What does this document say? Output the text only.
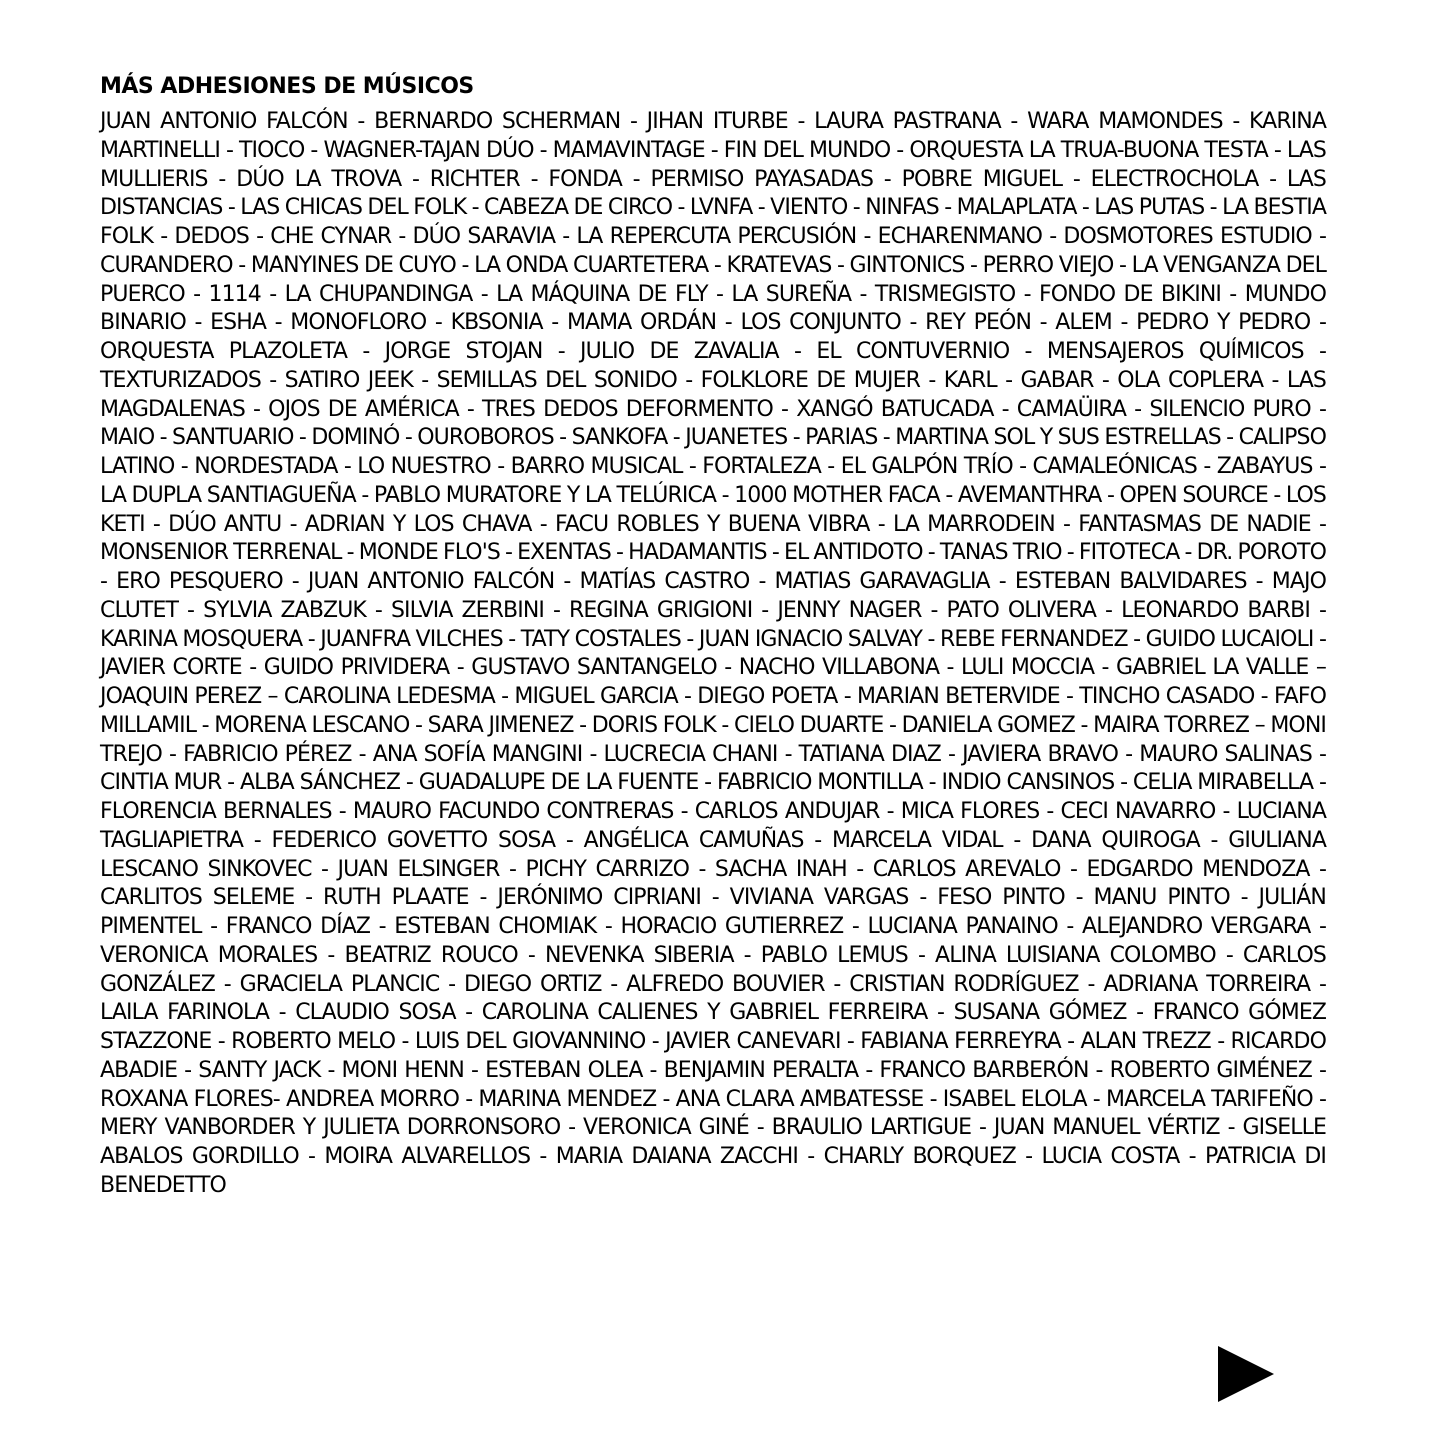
MÁS ADHESIONES DE MÚSICOS

JUAN ANTONIO FALCÓN - BERNARDO SCHERMAN - JIHAN ITURBE - LAURA PASTRANA - WARA MAMONDES - KARINA MARTINELLI - TIOCO - WAGNER-TAJAN DÚO - MAMAVINTAGE - FIN DEL MUNDO - ORQUESTA LA TRUA-BUONA TESTA - LAS MULLIERIS - DÚO LA TROVA - RICHTER - FONDA - PERMISO PAYASADAS - POBRE MIGUEL - ELECTROCHOLA - LAS DISTANCIAS - LAS CHICAS DEL FOLK - CABEZA DE CIRCO - LVNFA - VIENTO - NINFAS - MALAPLATA - LAS PUTAS - LA BESTIA FOLK - DEDOS - CHE CYNAR - DÚO SARAVIA - LA REPERCUTA PERCUSIÓN - ECHARENMANO - DOSMOTORES ESTUDIO - CURANDERO - MANYINES DE CUYO - LA ONDA CUARTETERA - KRATEVAS - GINTONICS - PERRO VIEJO - LA VENGANZA DEL PUERCO - 1114 - LA CHUPANDINGA - LA MÁQUINA DE FLY - LA SUREÑA - TRISMEGISTO - FONDO DE BIKINI - MUNDO BINARIO - ESHA - MONOFLORO - KBSONIA - MAMA ORDÁN - LOS CONJUNTO - REY PEÓN - ALEM - PEDRO Y PEDRO - ORQUESTA PLAZOLETA - JORGE STOJAN - JULIO DE ZAVALIA - EL CONTUVERNIO - MENSAJEROS QUÍMICOS - TEXTURIZADOS - SATIRO JEEK - SEMILLAS DEL SONIDO - FOLKLORE DE MUJER - KARL - GABAR - OLA COPLERA - LAS MAGDALENAS - OJOS DE AMÉRICA - TRES DEDOS DEFORMENTO - XANGÓ BATUCADA - CAMAÜIRA - SILENCIO PURO - MAIO - SANTUARIO - DOMINÓ - OUROBOROS - SANKOFA - JUANETES - PARIAS - MARTINA SOL Y SUS ESTRELLAS - CALIPSO LATINO - NORDESTADA - LO NUESTRO - BARRO MUSICAL - FORTALEZA - EL GALPÓN TRÍO - CAMALEÓNICAS - ZABAYUS - LA DUPLA SANTIAGUEÑA - PABLO MURATORE Y LA TELÚRICA - 1000 MOTHER FACA - AVEMANTHRA - OPEN SOURCE - LOS KETI - DÚO ANTU - ADRIAN Y LOS CHAVA - FACU ROBLES Y BUENA VIBRA - LA MARRODEIN - FANTASMAS DE NADIE - MONSENIOR TERRENAL - MONDE FLO'S - EXENTAS - HADAMANTIS - EL ANTIDOTO - TANAS TRIO - FITOTECA - DR. POROTO - ERO PESQUERO - JUAN ANTONIO FALCÓN - MATÍAS CASTRO - MATIAS GARAVAGLIA - ESTEBAN BALVIDARES - MAJO CLUTET - SYLVIA ZABZUK - SILVIA ZERBINI - REGINA GRIGIONI - JENNY NAGER - PATO OLIVERA - LEONARDO BARBI - KARINA MOSQUERA - JUANFRA VILCHES - TATY COSTALES - JUAN IGNACIO SALVAY - REBE FERNANDEZ - GUIDO LUCAIOLI - JAVIER CORTE - GUIDO PRIVIDERA - GUSTAVO SANTANGELO - NACHO VILLABONA - LULI MOCCIA - GABRIEL LA VALLE – JOAQUIN PEREZ – CAROLINA LEDESMA - MIGUEL GARCIA - DIEGO POETA - MARIAN BETERVIDE - TINCHO CASADO - FAFO MILLAMIL - MORENA LESCANO - SARA JIMENEZ - DORIS FOLK - CIELO DUARTE - DANIELA GOMEZ - MAIRA TORREZ – MONI TREJO - FABRICIO PÉREZ - ANA SOFÍA MANGINI - LUCRECIA CHANI - TATIANA DIAZ - JAVIERA BRAVO - MAURO SALINAS - CINTIA MUR - ALBA SÁNCHEZ - GUADALUPE DE LA FUENTE - FABRICIO MONTILLA - INDIO CANSINOS - CELIA MIRABELLA - FLORENCIA BERNALES - MAURO FACUNDO CONTRERAS - CARLOS ANDUJAR - MICA FLORES - CECI NAVARRO - LUCIANA TAGLIAPIETRA - FEDERICO GOVETTO SOSA - ANGÉLICA CAMUÑAS - MARCELA VIDAL - DANA QUIROGA - GIULIANA LESCANO SINKOVEC - JUAN ELSINGER - PICHY CARRIZO - SACHA INAH - CARLOS AREVALO - EDGARDO MENDOZA - CARLITOS SELEME - RUTH PLAATE - JERÓNIMO CIPRIANI - VIVIANA VARGAS - FESO PINTO - MANU PINTO - JULIÁN PIMENTEL - FRANCO DÍAZ - ESTEBAN CHOMIAK - HORACIO GUTIERREZ - LUCIANA PANAINO - ALEJANDRO VERGARA - VERONICA MORALES - BEATRIZ ROUCO - NEVENKA SIBERIA - PABLO LEMUS - ALINA LUISIANA COLOMBO - CARLOS GONZÁLEZ - GRACIELA PLANCIC - DIEGO ORTIZ - ALFREDO BOUVIER - CRISTIAN RODRÍGUEZ - ADRIANA TORREIRA - LAILA FARINOLA - CLAUDIO SOSA - CAROLINA CALIENES Y GABRIEL FERREIRA - SUSANA GÓMEZ - FRANCO GÓMEZ STAZZONE - ROBERTO MELO - LUIS DEL GIOVANNINO - JAVIER CANEVARI - FABIANA FERREYRA - ALAN TREZZ - RICARDO ABADIE - SANTY JACK - MONI HENN - ESTEBAN OLEA - BENJAMIN PERALTA - FRANCO BARBERÓN - ROBERTO GIMÉNEZ - ROXANA FLORES- ANDREA MORRO - MARINA MENDEZ - ANA CLARA AMBATESSE - ISABEL ELOLA - MARCELA TARIFEÑO - MERY VANBORDER Y JULIETA DORRONSORO - VERONICA GINÉ - BRAULIO LARTIGUE - JUAN MANUEL VÉRTIZ - GISELLE ABALOS GORDILLO - MOIRA ALVARELLOS - MARIA DAIANA ZACCHI - CHARLY BORQUEZ - LUCIA COSTA - PATRICIA DI BENEDETTO
